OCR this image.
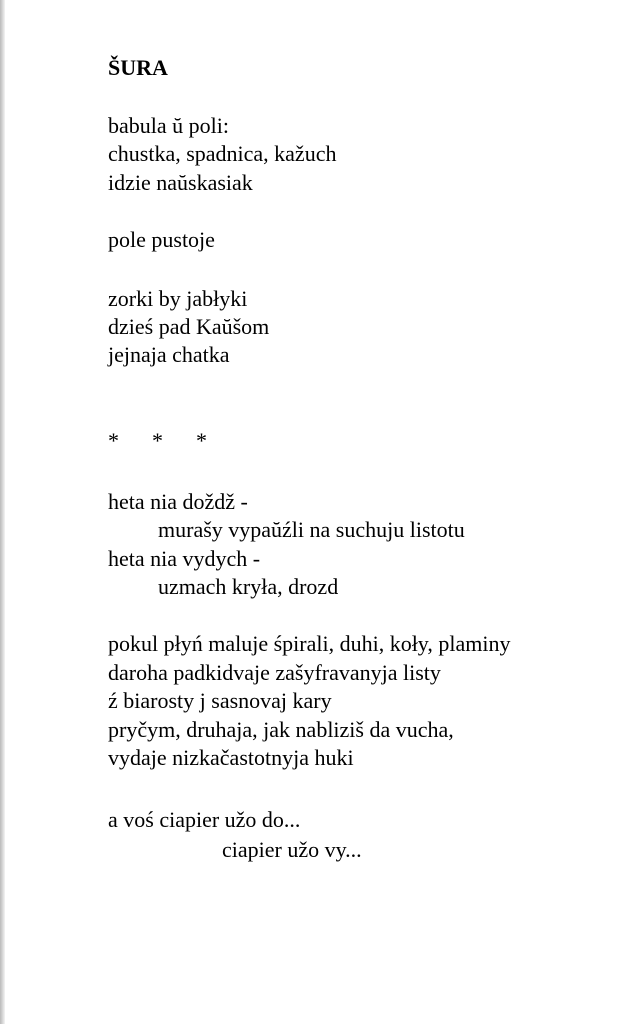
ŠURA
babula ŭ poli:
chustka, spadnica, kažuch
idzie naŭskasiak
pole pustoje
zorki by jabłyki
dzieś pad Kaŭšom
jejnaja chatka
* * *
heta nia doždž -
murašy vypaŭźli na suchuju listotu
heta nia vydych -
uzmach kryła, drozd
pokul płyń maluje śpirali, duhi, koły, plaminy
daroha padkidvaje zašyfravanyja listy
ź biarosty j sasnovaj kary
pryčym, druhaja, jak nabliziš da vucha,
vydaje nizkačastotnyja huki
a voś ciapier užo do...
ciapier užo vy...
